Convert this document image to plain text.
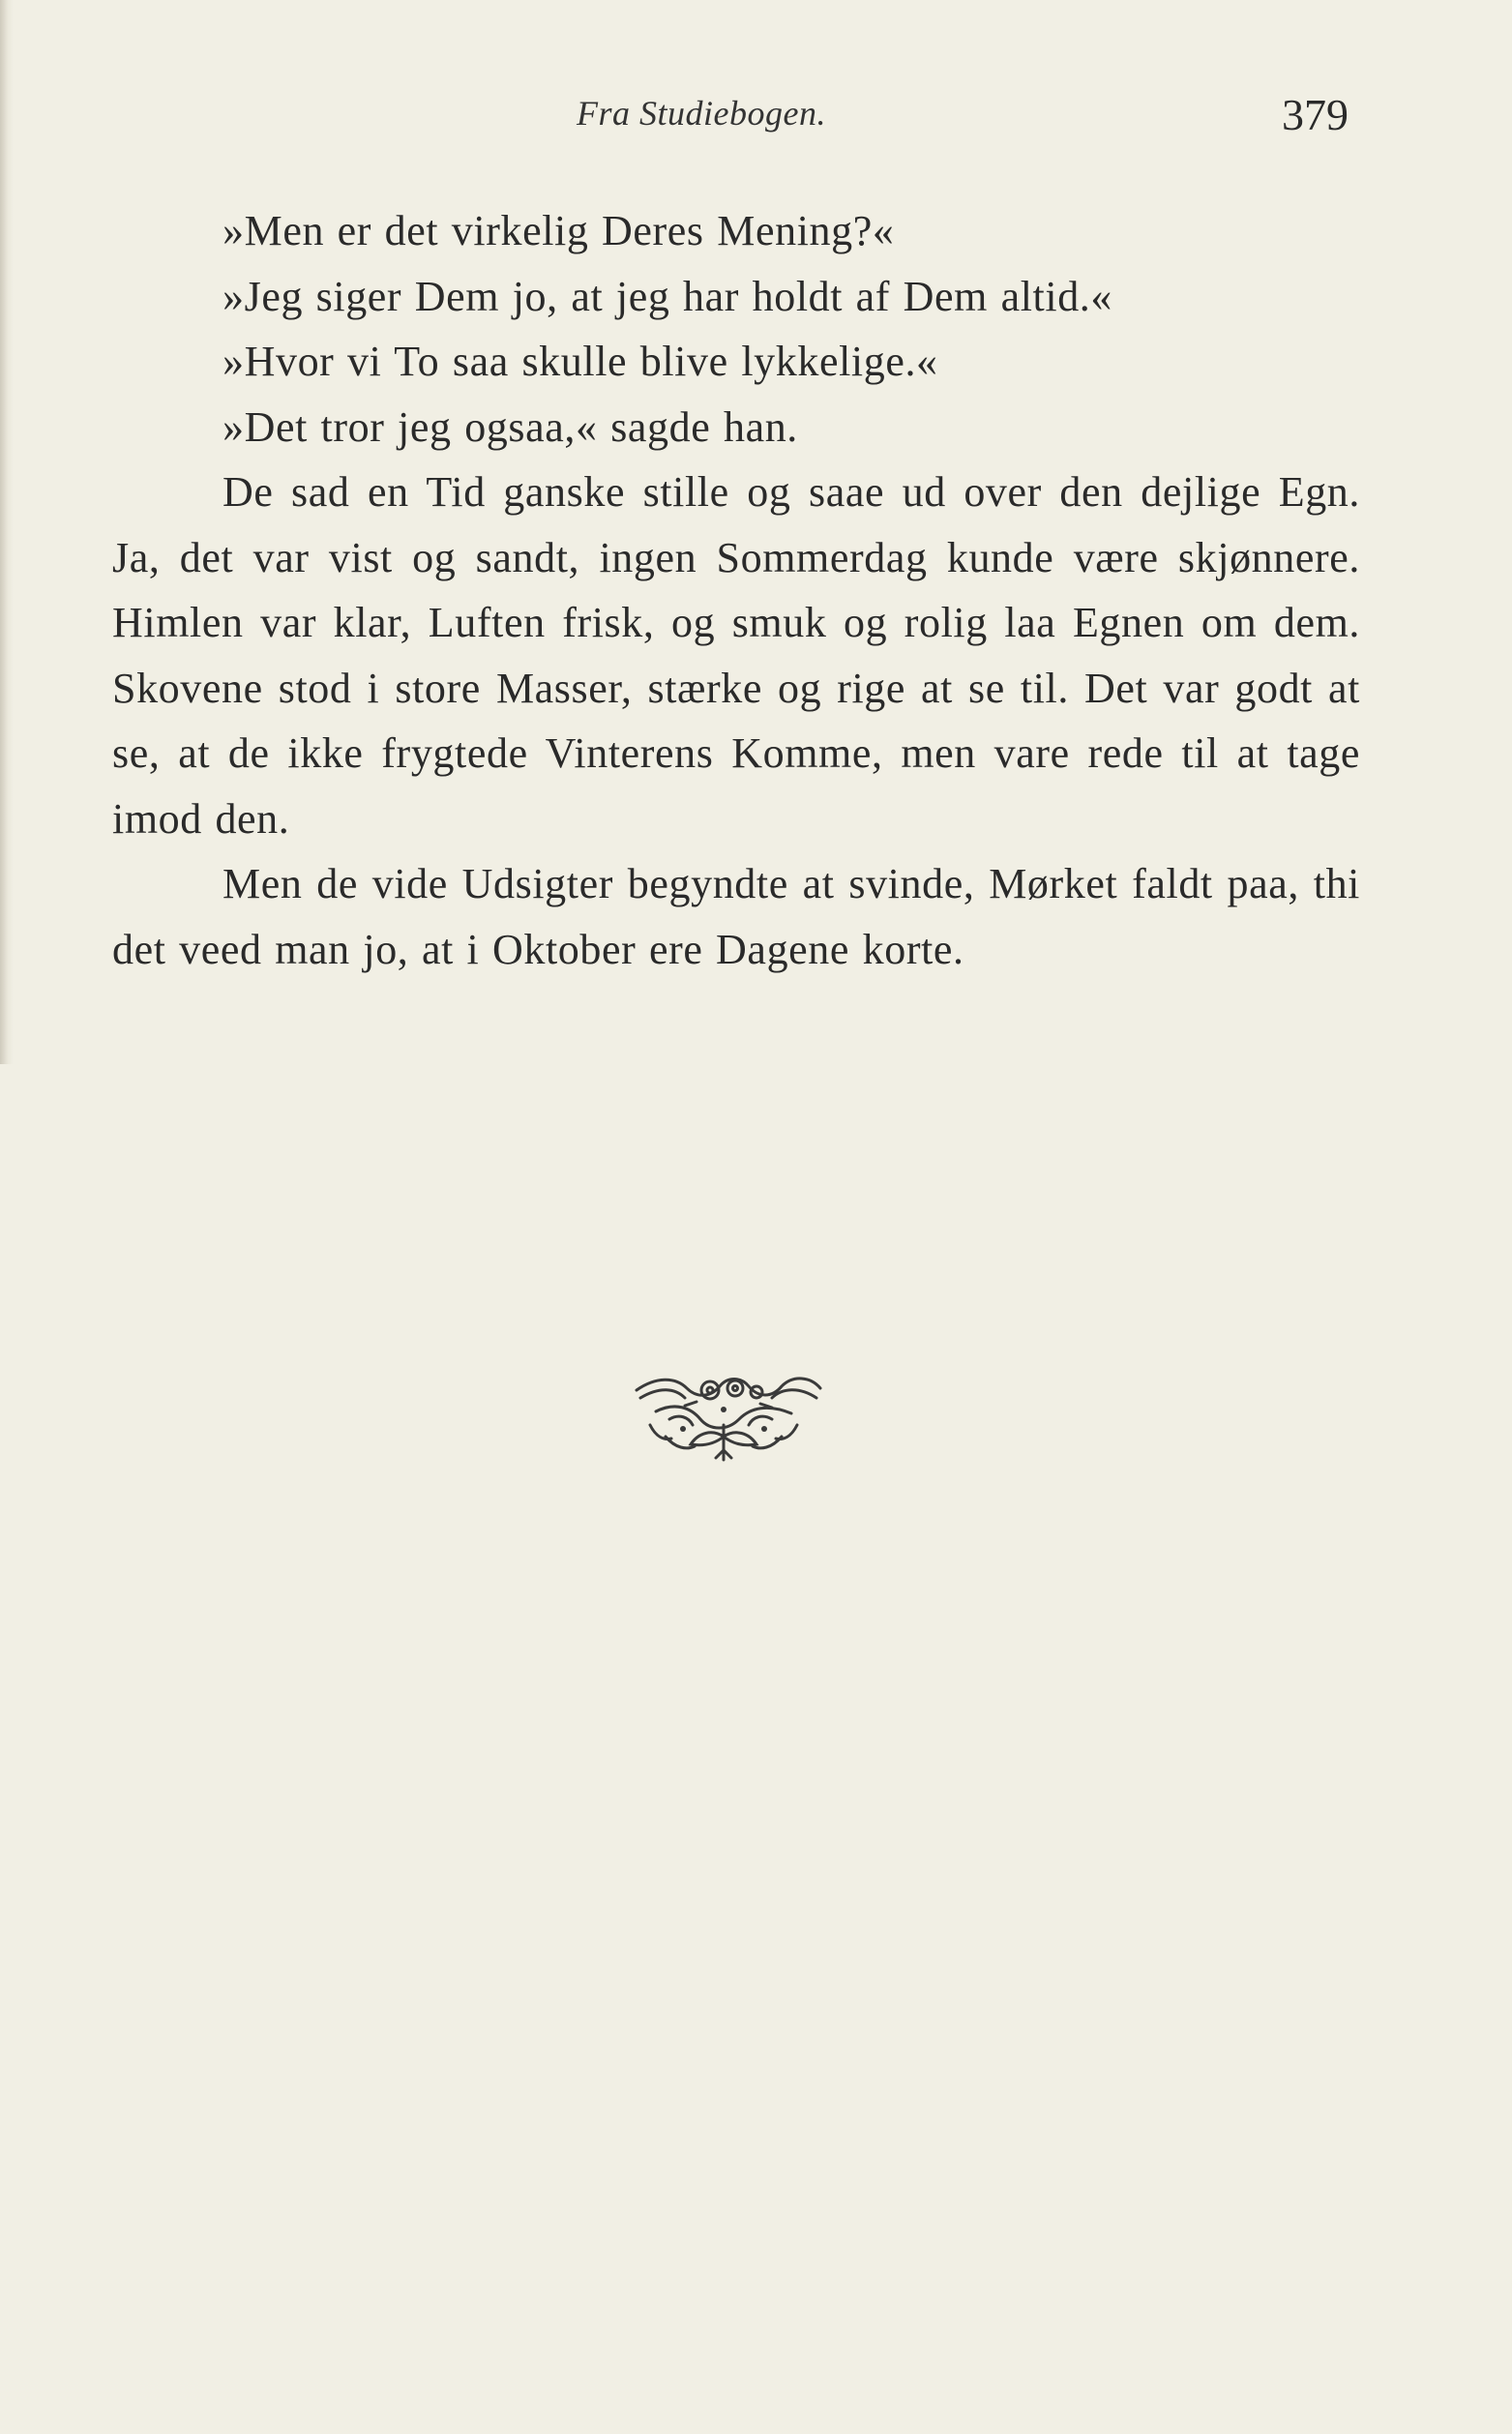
Fra Studiebogen.	379

»Men er det virkelig Deres Mening?«

»Jeg siger Dem jo, at jeg har holdt af Dem altid.«

»Hvor vi To saa skulle blive lykkelige.«

»Det tror jeg ogsaa,« sagde han.

De sad en Tid ganske stille og saae ud over den dejlige Egn. Ja, det var vist og sandt, ingen Sommerdag kunde være skjønnere. Himlen var klar, Luften frisk, og smuk og rolig laa Egnen om dem. Skovene stod i store Masser, stærke og rige at se til. Det var godt at se, at de ikke frygtede Vinterens Komme, men vare rede til at tage imod den.

Men de vide Udsigter begyndte at svinde, Mørket faldt paa, thi det veed man jo, at i Oktober ere Dagene korte.
